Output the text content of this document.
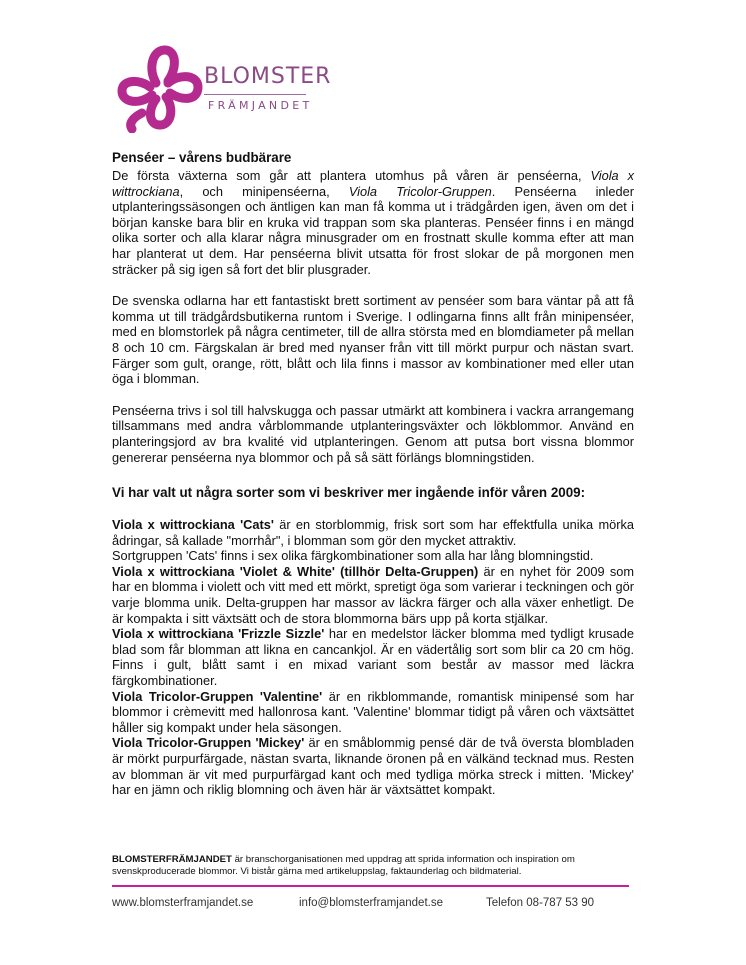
BLOMSTER
FRÄMJANDET
Penséer – vårens budbärare

De första växterna som går att plantera utomhus på våren är penséerna, Viola x wittrockiana, och minipenséerna, Viola Tricolor-Gruppen. Penséerna inleder utplanteringssäsongen och äntligen kan man få komma ut i trädgården igen, även om det i början kanske bara blir en kruka vid trappan som ska planteras. Penséer finns i en mängd olika sorter och alla klarar några minusgrader om en frostnatt skulle komma efter att man har planterat ut dem. Har penséerna blivit utsatta för frost slokar de på morgonen men sträcker på sig igen så fort det blir plusgrader.

De svenska odlarna har ett fantastiskt brett sortiment av penséer som bara väntar på att få komma ut till trädgårdsbutikerna runtom i Sverige. I odlingarna finns allt från minipenséer, med en blomstorlek på några centimeter, till de allra största med en blomdiameter på mellan 8 och 10 cm. Färgskalan är bred med nyanser från vitt till mörkt purpur och nästan svart. Färger som gult, orange, rött, blått och lila finns i massor av kombinationer med eller utan öga i blomman.

Penséerna trivs i sol till halvskugga och passar utmärkt att kombinera i vackra arrangemang tillsammans med andra vårblommande utplanteringsväxter och lökblommor. Använd en planteringsjord av bra kvalité vid utplanteringen. Genom att putsa bort vissna blommor genererar penséerna nya blommor och på så sätt förlängs blomningstiden.

Vi har valt ut några sorter som vi beskriver mer ingående inför våren 2009:

Viola x wittrockiana 'Cats' är en storblommig, frisk sort som har effektfulla unika mörka ådringar, så kallade "morrhår", i blomman som gör den mycket attraktiv.

Sortgruppen 'Cats' finns i sex olika färgkombinationer som alla har lång blomningstid.

Viola x wittrockiana 'Violet & White' (tillhör Delta-Gruppen) är en nyhet för 2009 som har en blomma i violett och vitt med ett mörkt, spretigt öga som varierar i teckningen och gör varje blomma unik. Delta-gruppen har massor av läckra färger och alla växer enhetligt. De är kompakta i sitt växtsätt och de stora blommorna bärs upp på korta stjälkar.

Viola x wittrockiana 'Frizzle Sizzle' har en medelstor läcker blomma med tydligt krusade blad som får blomman att likna en cancankjol. Är en vädertålig sort som blir ca 20 cm hög. Finns i gult, blått samt i en mixad variant som består av massor med läckra färgkombinationer.

Viola Tricolor-Gruppen 'Valentine' är en rikblommande, romantisk minipensé som har blommor i crèmevitt med hallonrosa kant. 'Valentine' blommar tidigt på våren och växtsättet håller sig kompakt under hela säsongen.

Viola Tricolor-Gruppen 'Mickey' är en småblommig pensé där de två översta blombladen är mörkt purpurfärgade, nästan svarta, liknande öronen på en välkänd tecknad mus. Resten av blomman är vit med purpurfärgad kant och med tydliga mörka streck i mitten. 'Mickey' har en jämn och riklig blomning och även här är växtsättet kompakt.

BLOMSTERFRÄMJANDET är branschorganisationen med uppdrag att sprida information och inspiration om svenskproducerade blommor. Vi bistår gärna med artikeluppslag, faktaunderlag och bildmaterial.

www.blomsterframjandet.se	info@blomsterframjandet.se	Telefon 08-787 53 90
